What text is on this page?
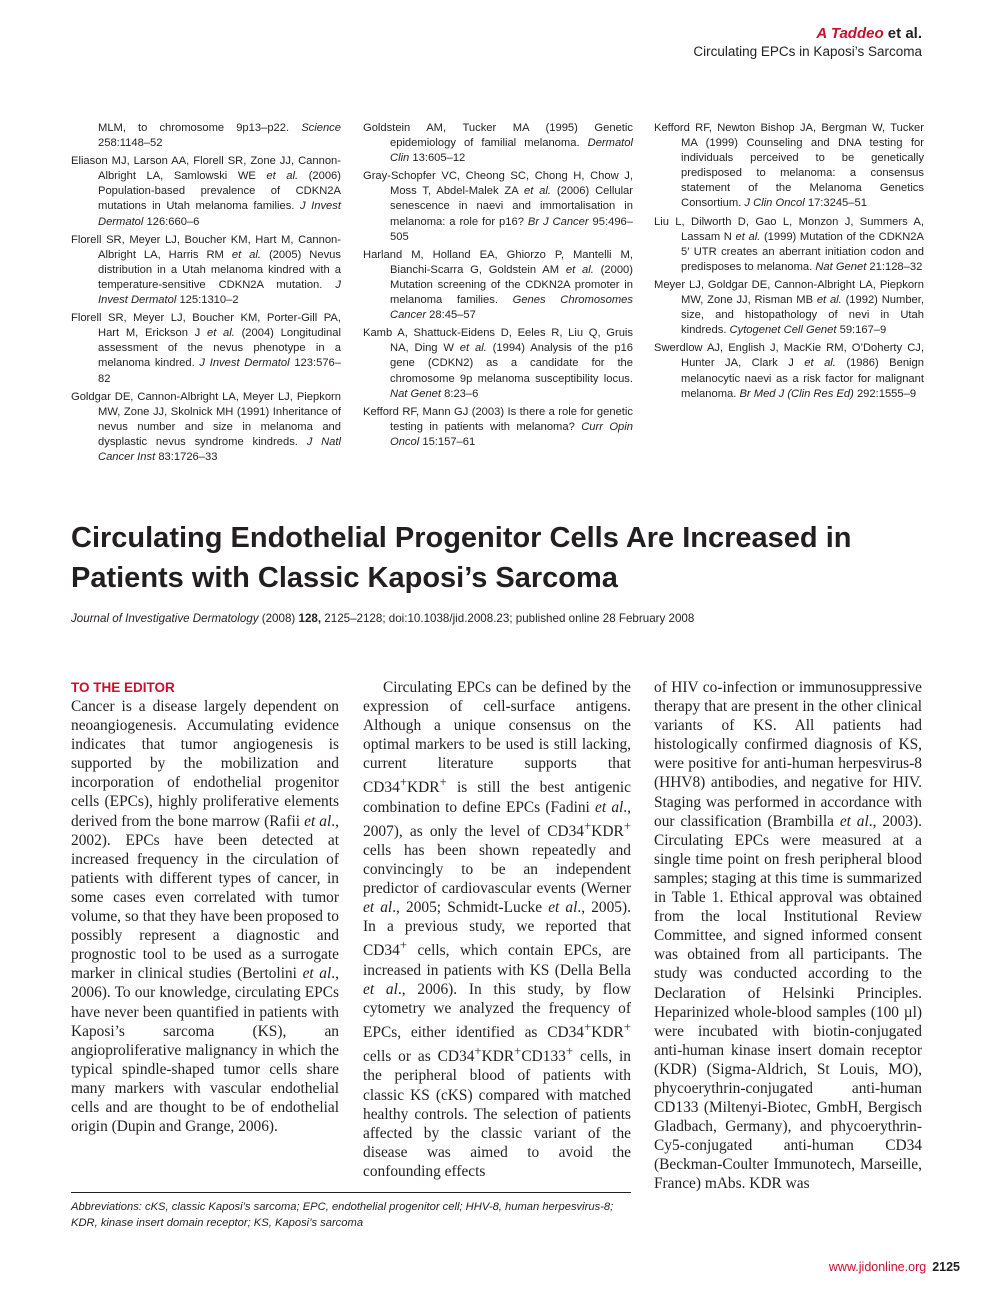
A Taddeo et al.
Circulating EPCs in Kaposi’s Sarcoma
MLM, to chromosome 9p13–p22. Science 258:1148–52
Eliason MJ, Larson AA, Florell SR, Zone JJ, Cannon-Albright LA, Samlowski WE et al. (2006) Population-based prevalence of CDKN2A mutations in Utah melanoma families. J Invest Dermatol 126:660–6
Florell SR, Meyer LJ, Boucher KM, Hart M, Cannon-Albright LA, Harris RM et al. (2005) Nevus distribution in a Utah melanoma kindred with a temperature-sensitive CDKN2A mutation. J Invest Dermatol 125:1310–2
Florell SR, Meyer LJ, Boucher KM, Porter-Gill PA, Hart M, Erickson J et al. (2004) Longitudinal assessment of the nevus phenotype in a melanoma kindred. J Invest Dermatol 123:576–82
Goldgar DE, Cannon-Albright LA, Meyer LJ, Piepkorn MW, Zone JJ, Skolnick MH (1991) Inheritance of nevus number and size in melanoma and dysplastic nevus syndrome kindreds. J Natl Cancer Inst 83:1726–33
Goldstein AM, Tucker MA (1995) Genetic epidemiology of familial melanoma. Dermatol Clin 13:605–12
Gray-Schopfer VC, Cheong SC, Chong H, Chow J, Moss T, Abdel-Malek ZA et al. (2006) Cellular senescence in naevi and immortalisation in melanoma: a role for p16? Br J Cancer 95:496–505
Harland M, Holland EA, Ghiorzo P, Mantelli M, Bianchi-Scarra G, Goldstein AM et al. (2000) Mutation screening of the CDKN2A promoter in melanoma families. Genes Chromosomes Cancer 28:45–57
Kamb A, Shattuck-Eidens D, Eeles R, Liu Q, Gruis NA, Ding W et al. (1994) Analysis of the p16 gene (CDKN2) as a candidate for the chromosome 9p melanoma susceptibility locus. Nat Genet 8:23–6
Kefford RF, Mann GJ (2003) Is there a role for genetic testing in patients with melanoma? Curr Opin Oncol 15:157–61
Kefford RF, Newton Bishop JA, Bergman W, Tucker MA (1999) Counseling and DNA testing for individuals perceived to be genetically predisposed to melanoma: a consensus statement of the Melanoma Genetics Consortium. J Clin Oncol 17:3245–51
Liu L, Dilworth D, Gao L, Monzon J, Summers A, Lassam N et al. (1999) Mutation of the CDKN2A 5′ UTR creates an aberrant initiation codon and predisposes to melanoma. Nat Genet 21:128–32
Meyer LJ, Goldgar DE, Cannon-Albright LA, Piepkorn MW, Zone JJ, Risman MB et al. (1992) Number, size, and histopathology of nevi in Utah kindreds. Cytogenet Cell Genet 59:167–9
Swerdlow AJ, English J, MacKie RM, O’Doherty CJ, Hunter JA, Clark J et al. (1986) Benign melanocytic naevi as a risk factor for malignant melanoma. Br Med J (Clin Res Ed) 292:1555–9
Circulating Endothelial Progenitor Cells Are Increased in Patients with Classic Kaposi’s Sarcoma
Journal of Investigative Dermatology (2008) 128, 2125–2128; doi:10.1038/jid.2008.23; published online 28 February 2008
TO THE EDITOR

Cancer is a disease largely dependent on neoangiogenesis. Accumulating evidence indicates that tumor angiogenesis is supported by the mobilization and incorporation of endothelial progenitor cells (EPCs), highly proliferative elements derived from the bone marrow (Rafii et al., 2002). EPCs have been detected at increased frequency in the circulation of patients with different types of cancer, in some cases even correlated with tumor volume, so that they have been proposed to possibly represent a diagnostic and prognostic tool to be used as a surrogate marker in clinical studies (Bertolini et al., 2006). To our knowledge, circulating EPCs have never been quantified in patients with Kaposi’s sarcoma (KS), an angioproliferative malignancy in which the typical spindle-shaped tumor cells share many markers with vascular endothelial cells and are thought to be of endothelial origin (Dupin and Grange, 2006).

Circulating EPCs can be defined by the expression of cell-surface antigens. Although a unique consensus on the optimal markers to be used is still lacking, current literature supports that CD34+KDR+ is still the best antigenic combination to define EPCs (Fadini et al., 2007), as only the level of CD34+KDR+ cells has been shown repeatedly and convincingly to be an independent predictor of cardiovascular events (Werner et al., 2005; Schmidt-Lucke et al., 2005). In a previous study, we reported that CD34+ cells, which contain EPCs, are increased in patients with KS (Della Bella et al., 2006). In this study, by flow cytometry we analyzed the frequency of EPCs, either identified as CD34+KDR+ cells or as CD34+KDR+CD133+ cells, in the peripheral blood of patients with classic KS (cKS) compared with matched healthy controls. The selection of patients affected by the classic variant of the disease was aimed to avoid the confounding effects

of HIV co-infection or immunosuppressive therapy that are present in the other clinical variants of KS. All patients had histologically confirmed diagnosis of KS, were positive for anti-human herpesvirus-8 (HHV8) antibodies, and negative for HIV. Staging was performed in accordance with our classification (Brambilla et al., 2003). Circulating EPCs were measured at a single time point on fresh peripheral blood samples; staging at this time is summarized in Table 1. Ethical approval was obtained from the local Institutional Review Committee, and signed informed consent was obtained from all participants. The study was conducted according to the Declaration of Helsinki Principles. Heparinized whole-blood samples (100 µl) were incubated with biotin-conjugated anti-human kinase insert domain receptor (KDR) (Sigma-Aldrich, St Louis, MO), phycoerythrin-conjugated anti-human CD133 (Miltenyi-Biotec, GmbH, Bergisch Gladbach, Germany), and phycoerythrin-Cy5-conjugated anti-human CD34 (Beckman-Coulter Immunotech, Marseille, France) mAbs. KDR was

Abbreviations: cKS, classic Kaposi’s sarcoma; EPC, endothelial progenitor cell; HHV-8, human herpesvirus-8; KDR, kinase insert domain receptor; KS, Kaposi’s sarcoma
www.jidonline.org 2125
